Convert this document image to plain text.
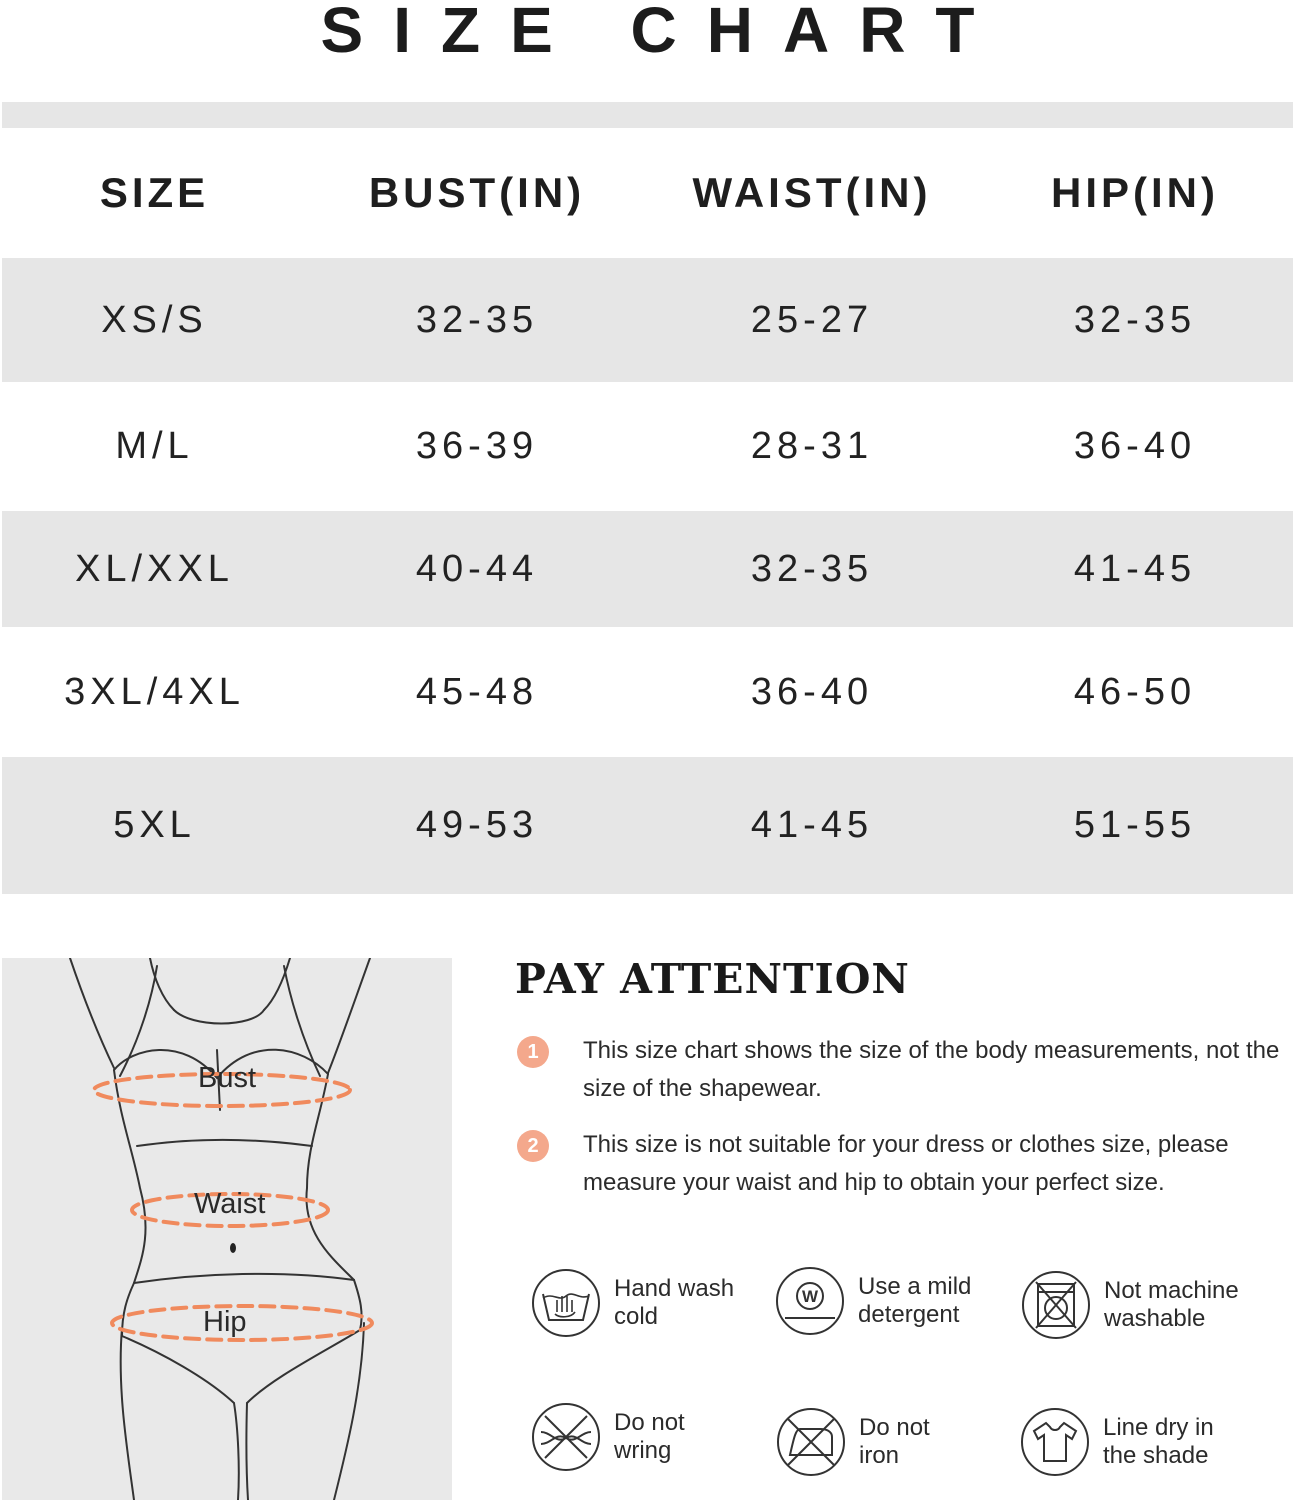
SIZE CHART
SIZE	BUST(IN)	WAIST(IN)	HIP(IN)
XS/S	32-35	25-27	32-35
M/L	36-39	28-31	36-40
XL/XXL	40-44	32-35	41-45
3XL/4XL	45-48	36-40	46-50
5XL	49-53	41-45	51-55
Bust
Waist
Hip
PAY ATTENTION
1	This size chart shows the size of the body measurements, not the size of the shapewear.
2	This size is not suitable for your dress or clothes size, please measure your waist and hip to obtain your perfect size.
Hand wash
cold
W Use a mild
detergent
Not machine
washable
Do not
wring
Do not
iron
Line dry in
the shade
